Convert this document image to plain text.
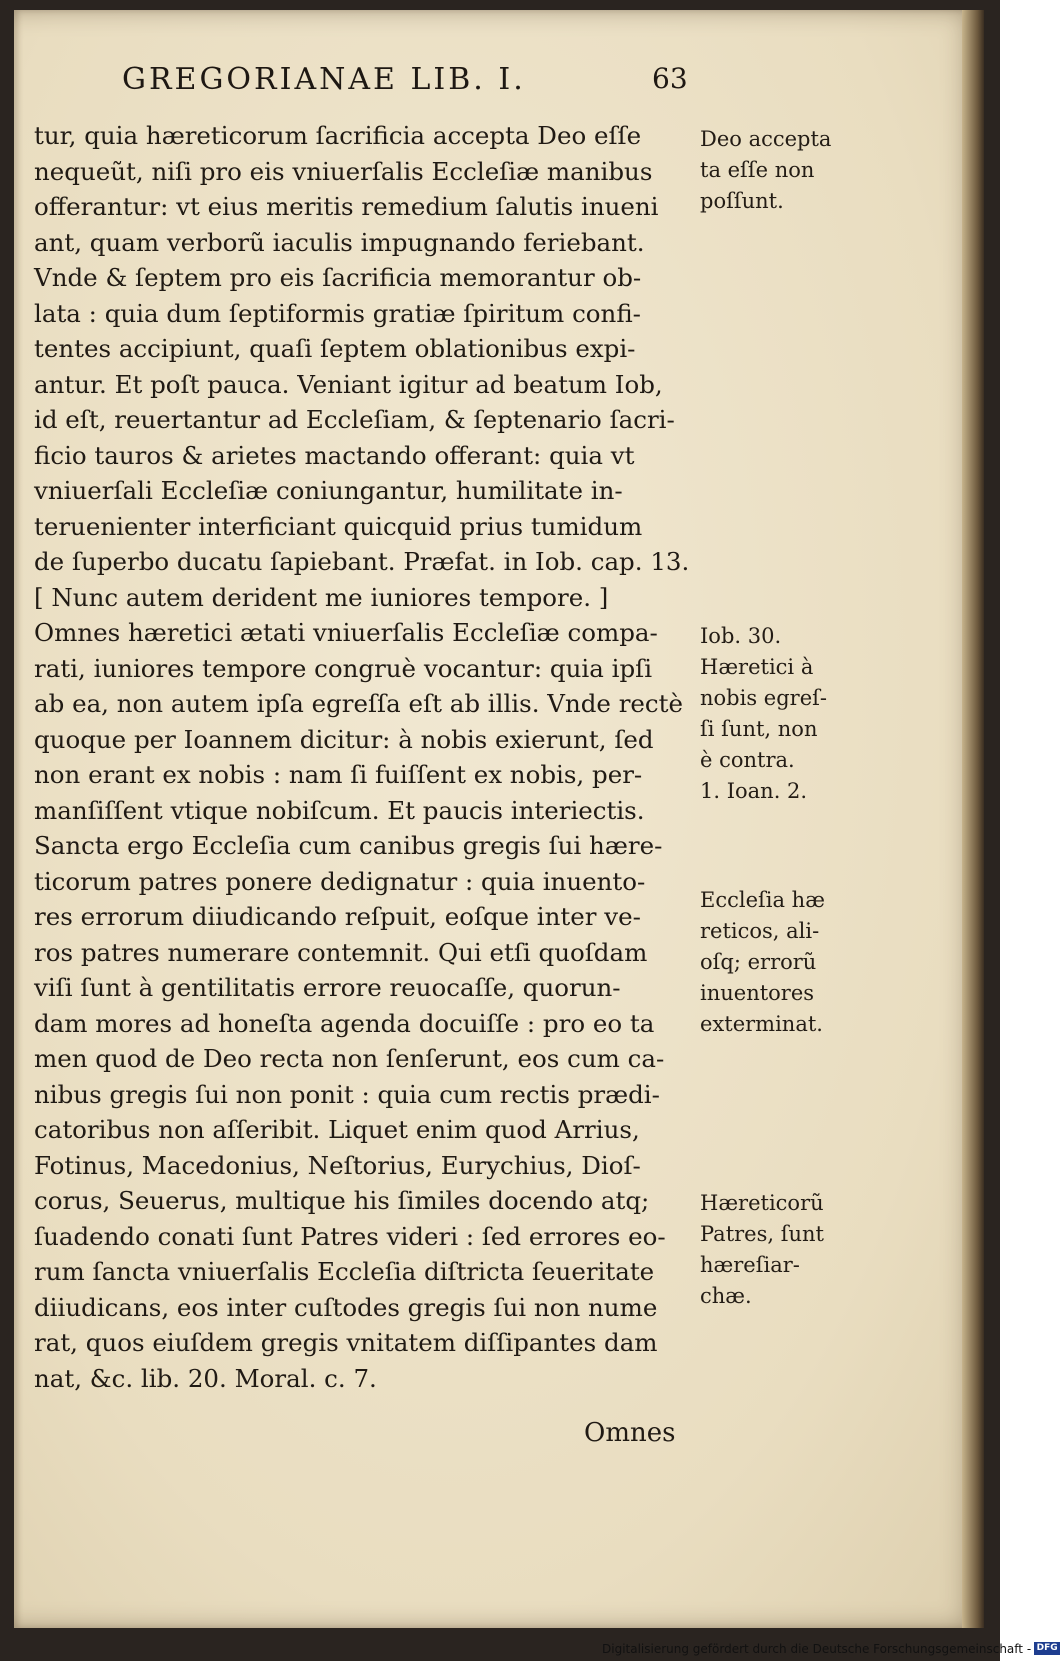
GREGORIANAE LIB. I.	63
tur, quia hæreticorum ſacrificia accepta Deo eſſe
nequeũt, niſi pro eis vniuerſalis Eccleſiæ manibus
offerantur: vt eius meritis remedium ſalutis inueni
ant, quam verborũ iaculis impugnando feriebant.
Vnde & ſeptem pro eis ſacrificia memorantur ob-
lata : quia dum ſeptiformis gratiæ ſpiritum confi-
tentes accipiunt, quaſi ſeptem oblationibus expi-
antur. Et poſt pauca. Veniant igitur ad beatum Iob,
id eſt, reuertantur ad Eccleſiam, & ſeptenario ſacri-
ficio tauros & arietes mactando offerant: quia vt
vniuerſali Eccleſiæ coniungantur, humilitate in-
teruenienter interficiant quicquid prius tumidum
de ſuperbo ducatu ſapiebant. Præfat. in Iob. cap. 13.
[ Nunc autem derident me iuniores tempore. ]
Omnes hæretici ætati vniuerſalis Eccleſiæ compa-
rati, iuniores tempore congruè vocantur: quia ipſi
ab ea, non autem ipſa egreſſa eſt ab illis. Vnde rectè
quoque per Ioannem dicitur: à nobis exierunt, ſed
non erant ex nobis : nam ſi fuiſſent ex nobis, per-
manſiſſent vtique nobiſcum. Et paucis interiectis.
Sancta ergo Eccleſia cum canibus gregis ſui hære-
ticorum patres ponere dedignatur : quia inuento-
res errorum diiudicando reſpuit, eoſque inter ve-
ros patres numerare contemnit. Qui etſi quoſdam
viſi ſunt à gentilitatis errore reuocaſſe, quorun-
dam mores ad honeſta agenda docuiſſe : pro eo ta
men quod de Deo recta non ſenſerunt, eos cum ca-
nibus gregis ſui non ponit : quia cum rectis prædi-
catoribus non aſſeribit. Liquet enim quod Arrius,
Fotinus, Macedonius, Neſtorius, Eurychius, Dioſ-
corus, Seuerus, multique his ſimiles docendo atq;
ſuadendo conati ſunt Patres videri : ſed errores eo-
rum ſancta vniuerſalis Eccleſia diſtricta ſeueritate
diiudicans, eos inter cuſtodes gregis ſui non nume
rat, quos eiuſdem gregis vnitatem diſſipantes dam
nat, &c. lib. 20. Moral. c. 7.
Omnes
Deo accepta
ta eſſe non
poſſunt.
Iob. 30.
Hæretici à
nobis egreſ-
ſi ſunt, non
è contra.
1. Ioan. 2.
Eccleſia hæ
reticos, ali-
oſq; errorũ
inuentores
exterminat.
Hæreticorũ
Patres, ſunt
hæreſiar-
chæ.
Digitalisierung gefördert durch die Deutsche Forschungsgemeinschaft - DFG
